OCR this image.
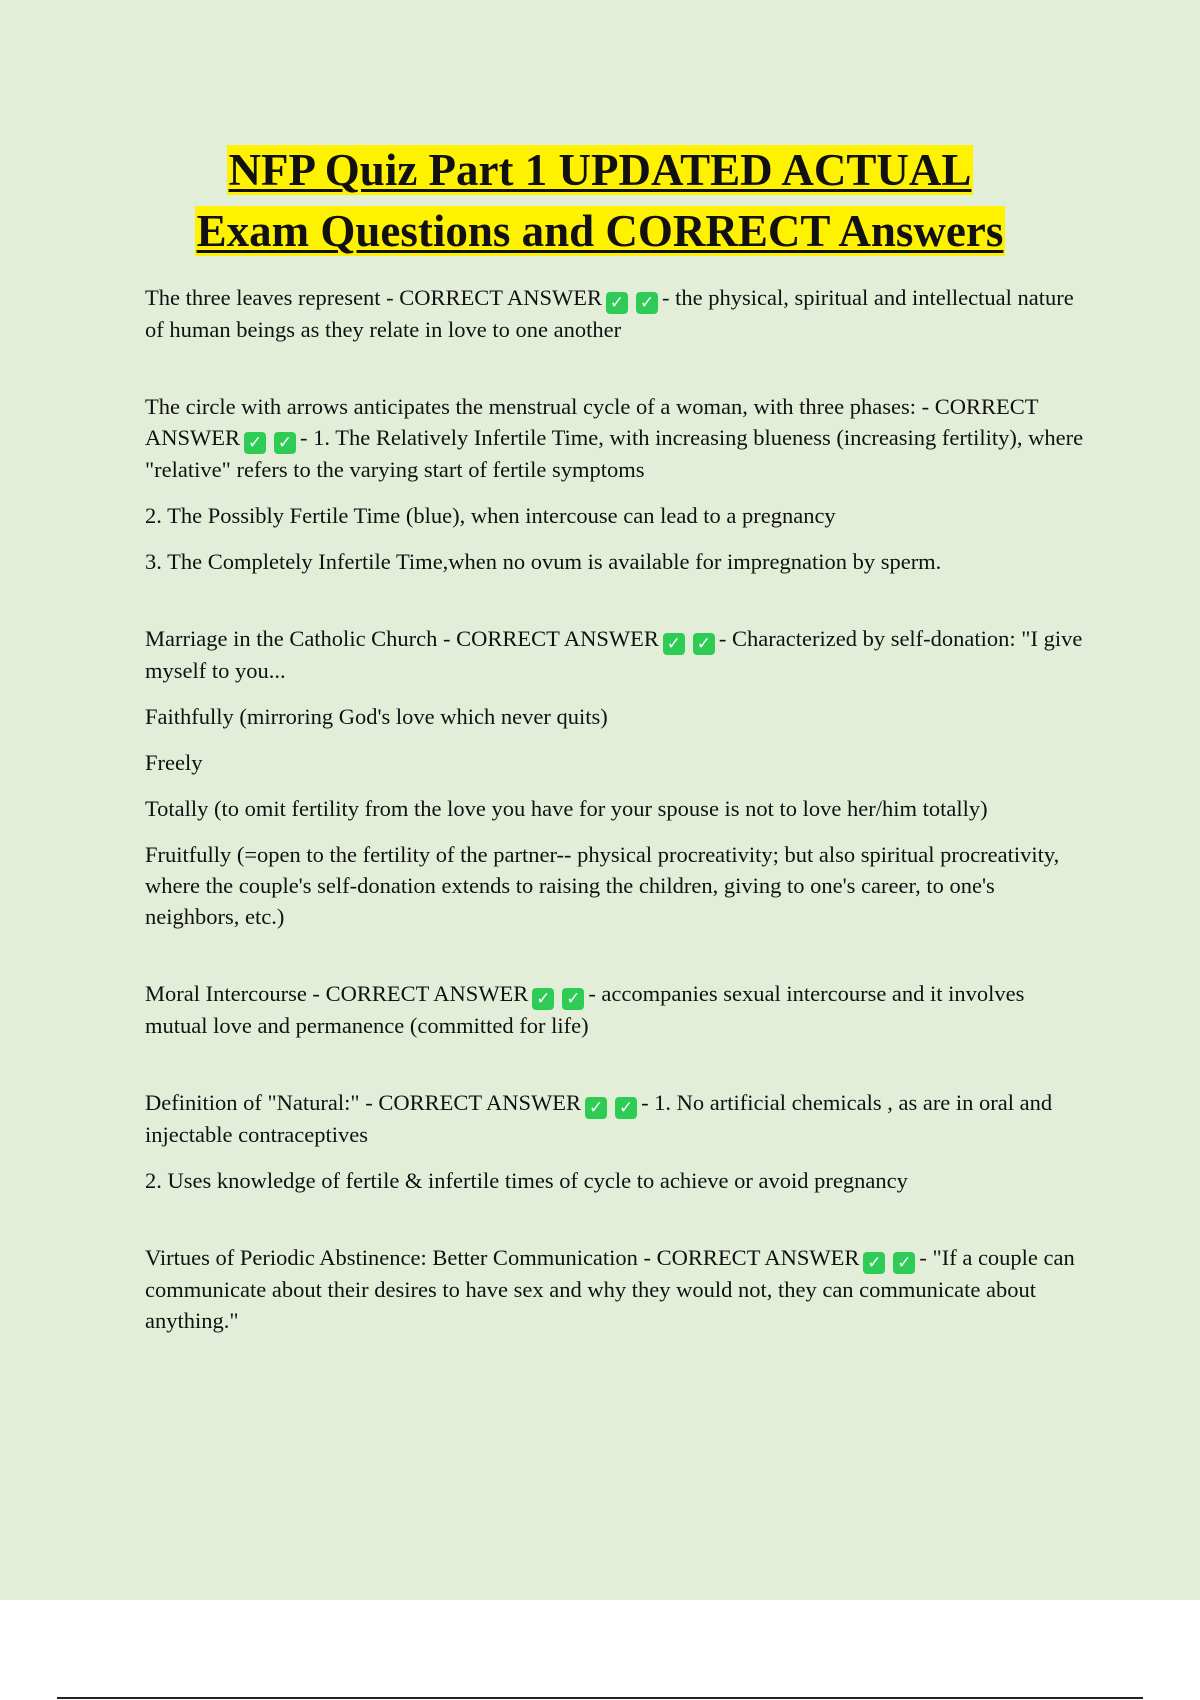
NFP Quiz Part 1 UPDATED ACTUAL
Exam Questions and CORRECT Answers

The three leaves represent - CORRECT ANSWER ✓ ✓ - the physical, spiritual and intellectual nature of human beings as they relate in love to one another

The circle with arrows anticipates the menstrual cycle of a woman, with three phases: - CORRECT ANSWER ✓ ✓ - 1. The Relatively Infertile Time, with increasing blueness (increasing fertility), where "relative" refers to the varying start of fertile symptoms

2. The Possibly Fertile Time (blue), when intercouse can lead to a pregnancy

3. The Completely Infertile Time,when no ovum is available for impregnation by sperm.

Marriage in the Catholic Church - CORRECT ANSWER ✓ ✓ - Characterized by self-donation: "I give myself to you...

Faithfully (mirroring God's love which never quits)

Freely

Totally (to omit fertility from the love you have for your spouse is not to love her/him totally)

Fruitfully (=open to the fertility of the partner-- physical procreativity; but also spiritual procreativity, where the couple's self-donation extends to raising the children, giving to one's career, to one's neighbors, etc.)

Moral Intercourse - CORRECT ANSWER ✓ ✓ - accompanies sexual intercourse and it involves mutual love and permanence (committed for life)

Definition of "Natural:" - CORRECT ANSWER ✓ ✓ - 1. No artificial chemicals , as are in oral and injectable contraceptives

2. Uses knowledge of fertile & infertile times of cycle to achieve or avoid pregnancy

Virtues of Periodic Abstinence: Better Communication - CORRECT ANSWER ✓ ✓ - "If a couple can communicate about their desires to have sex and why they would not, they can communicate about anything."
